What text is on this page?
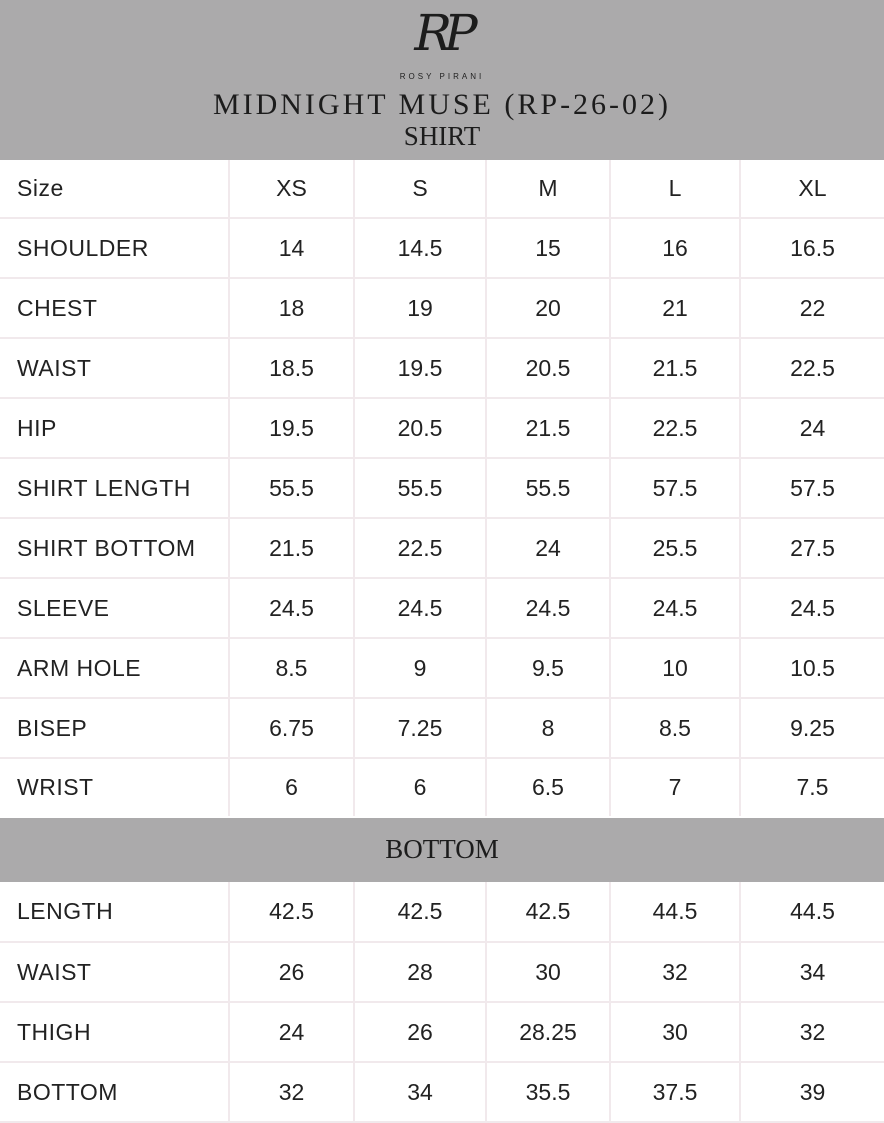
RP
ROSY PIRANI
MIDNIGHT MUSE (RP-26-02)
SHIRT
Size	XS	S	M	L	XL
SHOULDER	14	14.5	15	16	16.5
CHEST	18	19	20	21	22
WAIST	18.5	19.5	20.5	21.5	22.5
HIP	19.5	20.5	21.5	22.5	24
SHIRT LENGTH	55.5	55.5	55.5	57.5	57.5
SHIRT BOTTOM	21.5	22.5	24	25.5	27.5
SLEEVE	24.5	24.5	24.5	24.5	24.5
ARM HOLE	8.5	9	9.5	10	10.5
BISEP	6.75	7.25	8	8.5	9.25
WRIST	6	6	6.5	7	7.5
BOTTOM
LENGTH	42.5	42.5	42.5	44.5	44.5
WAIST	26	28	30	32	34
THIGH	24	26	28.25	30	32
BOTTOM	32	34	35.5	37.5	39
